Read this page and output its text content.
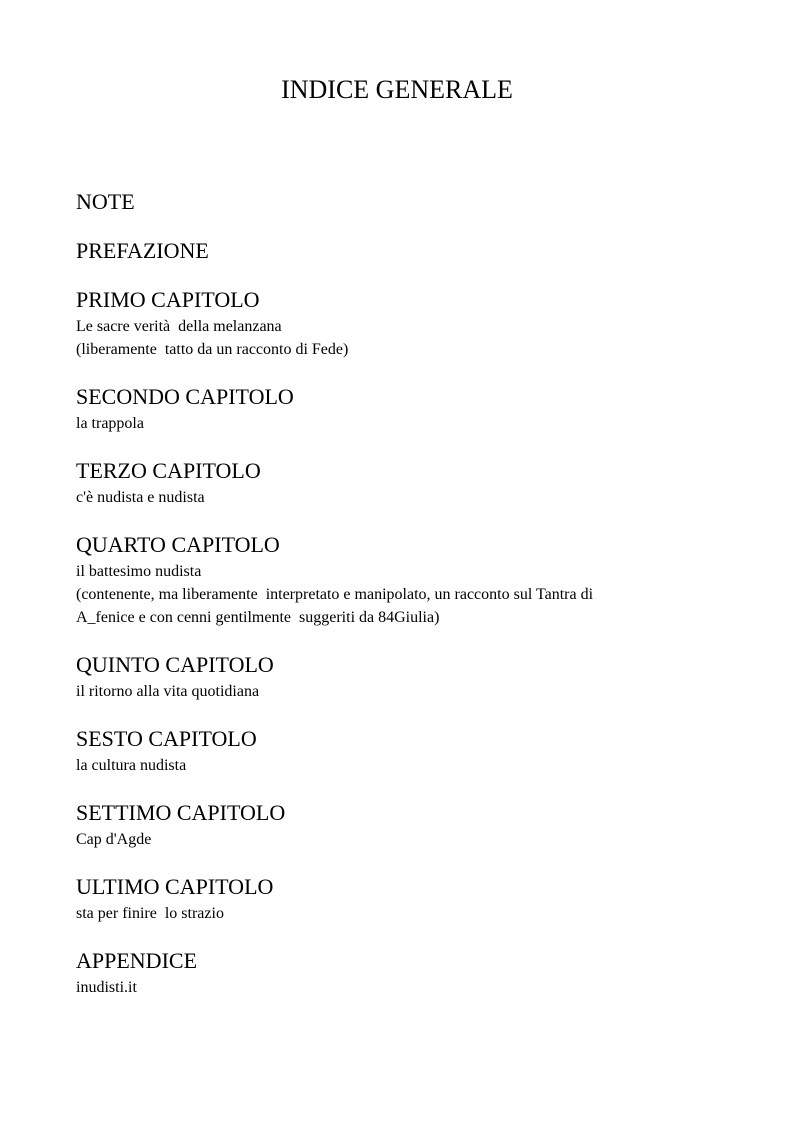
INDICE GENERALE
NOTE
PREFAZIONE
PRIMO CAPITOLO
Le sacre verità  della melanzana
(liberamente  tatto da un racconto di Fede)
SECONDO CAPITOLO
la trappola
TERZO CAPITOLO
c'è nudista e nudista
QUARTO CAPITOLO
il battesimo nudista
(contenente, ma liberamente  interpretato e manipolato, un racconto sul Tantra di
A_fenice e con cenni gentilmente  suggeriti da 84Giulia)
QUINTO CAPITOLO
il ritorno alla vita quotidiana
SESTO CAPITOLO
la cultura nudista
SETTIMO CAPITOLO
Cap d'Agde
ULTIMO CAPITOLO
sta per finire  lo strazio
APPENDICE
inudisti.it
